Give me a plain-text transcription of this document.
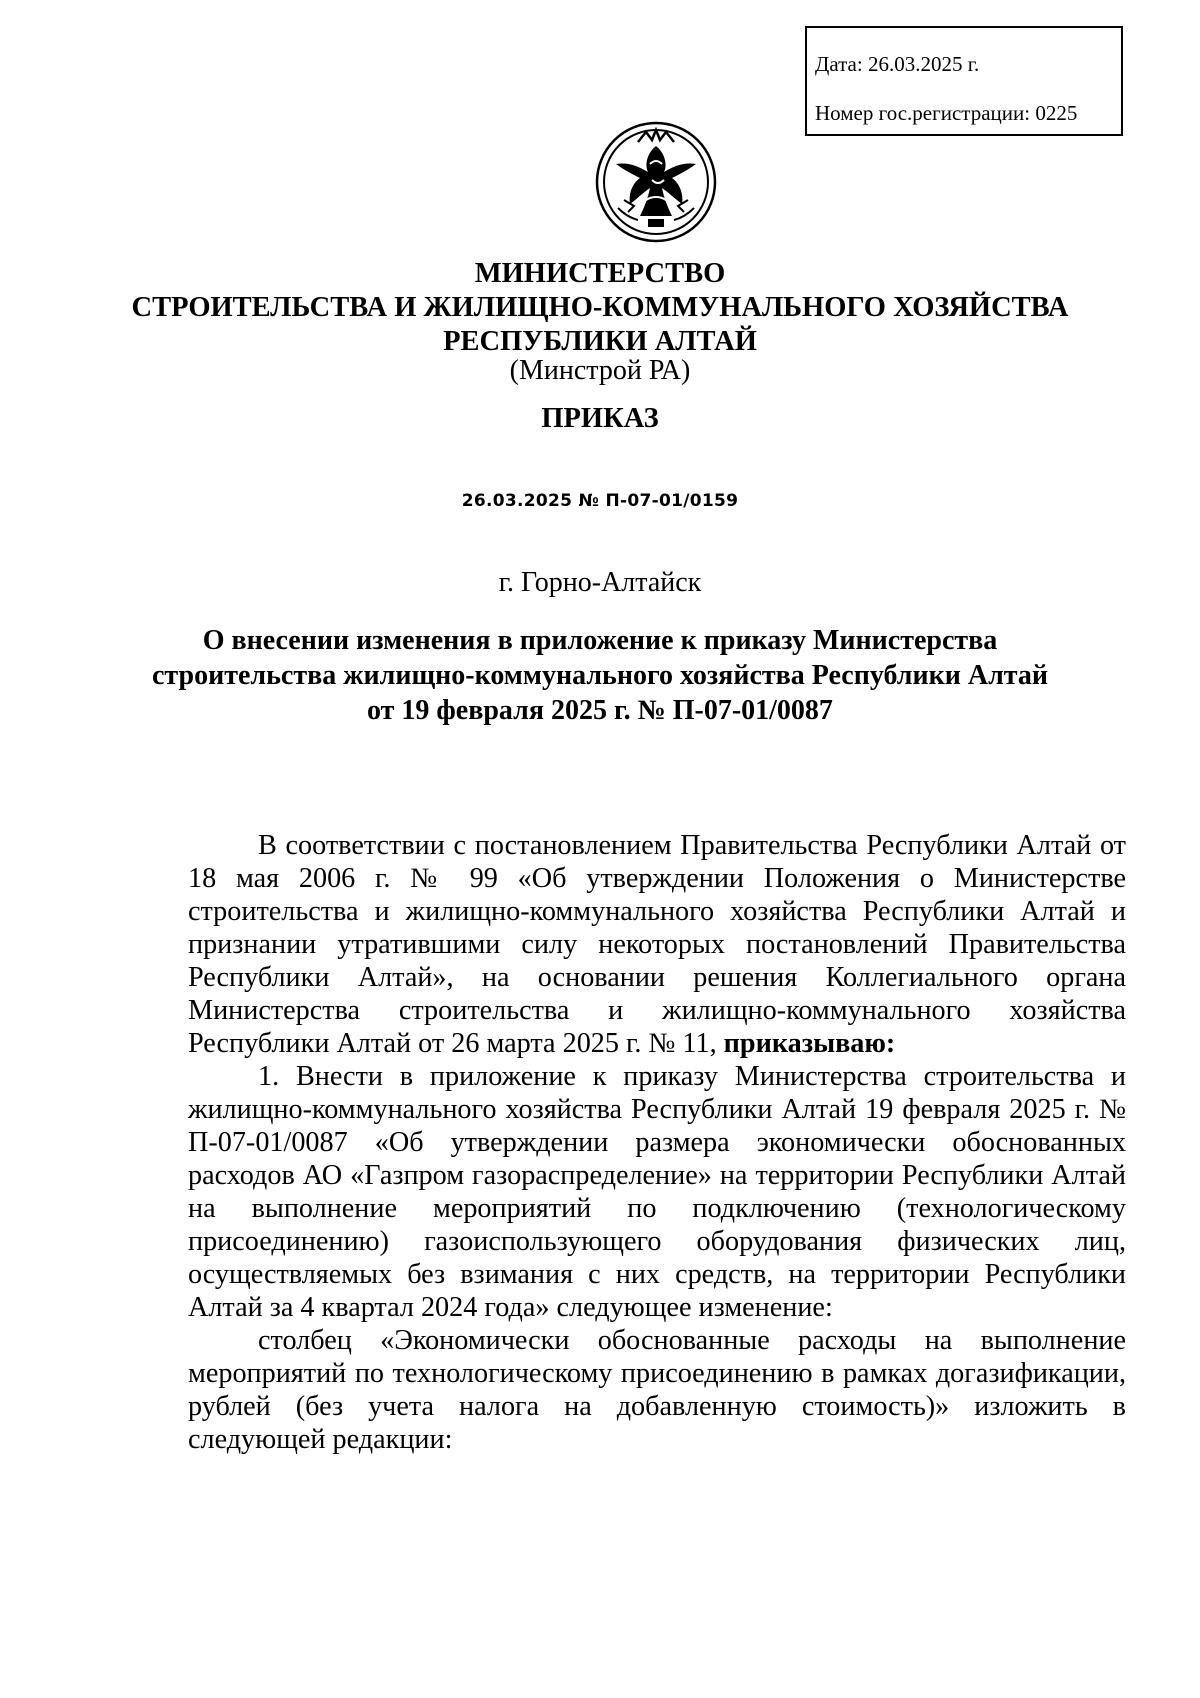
Дата: 26.03.2025 г.
Номер гос.регистрации: 0225
МИНИСТЕРСТВО
СТРОИТЕЛЬСТВА И ЖИЛИЩНО-КОММУНАЛЬНОГО ХОЗЯЙСТВА
РЕСПУБЛИКИ АЛТАЙ
(Минстрой РА)
ПРИКАЗ
26.03.2025 № П-07-01/0159
г. Горно-Алтайск
О внесении изменения в приложение к приказу Министерства
строительства жилищно-коммунального хозяйства Республики Алтай
от 19 февраля 2025 г. № П-07-01/0087

В соответствии с постановлением Правительства Республики Алтай от 18 мая 2006 г. № 99 «Об утверждении Положения о Министерстве строительства и жилищно-коммунального хозяйства Республики Алтай и признании утратившими силу некоторых постановлений Правительства Республики Алтай», на основании решения Коллегиального органа Министерства строительства и жилищно-коммунального хозяйства Республики Алтай от 26 марта 2025 г. № 11, приказываю:

1. Внести в приложение к приказу Министерства строительства и жилищно-коммунального хозяйства Республики Алтай 19 февраля 2025 г. № П-07-01/0087 «Об утверждении размера экономически обоснованных расходов АО «Газпром газораспределение» на территории Республики Алтай на выполнение мероприятий по подключению (технологическому присоединению) газоиспользующего оборудования физических лиц, осуществляемых без взимания с них средств, на территории Республики Алтай за 4 квартал 2024 года» следующее изменение:

столбец «Экономически обоснованные расходы на выполнение мероприятий по технологическому присоединению в рамках догазификации, рублей (без учета налога на добавленную стоимость)» изложить в следующей редакции:
